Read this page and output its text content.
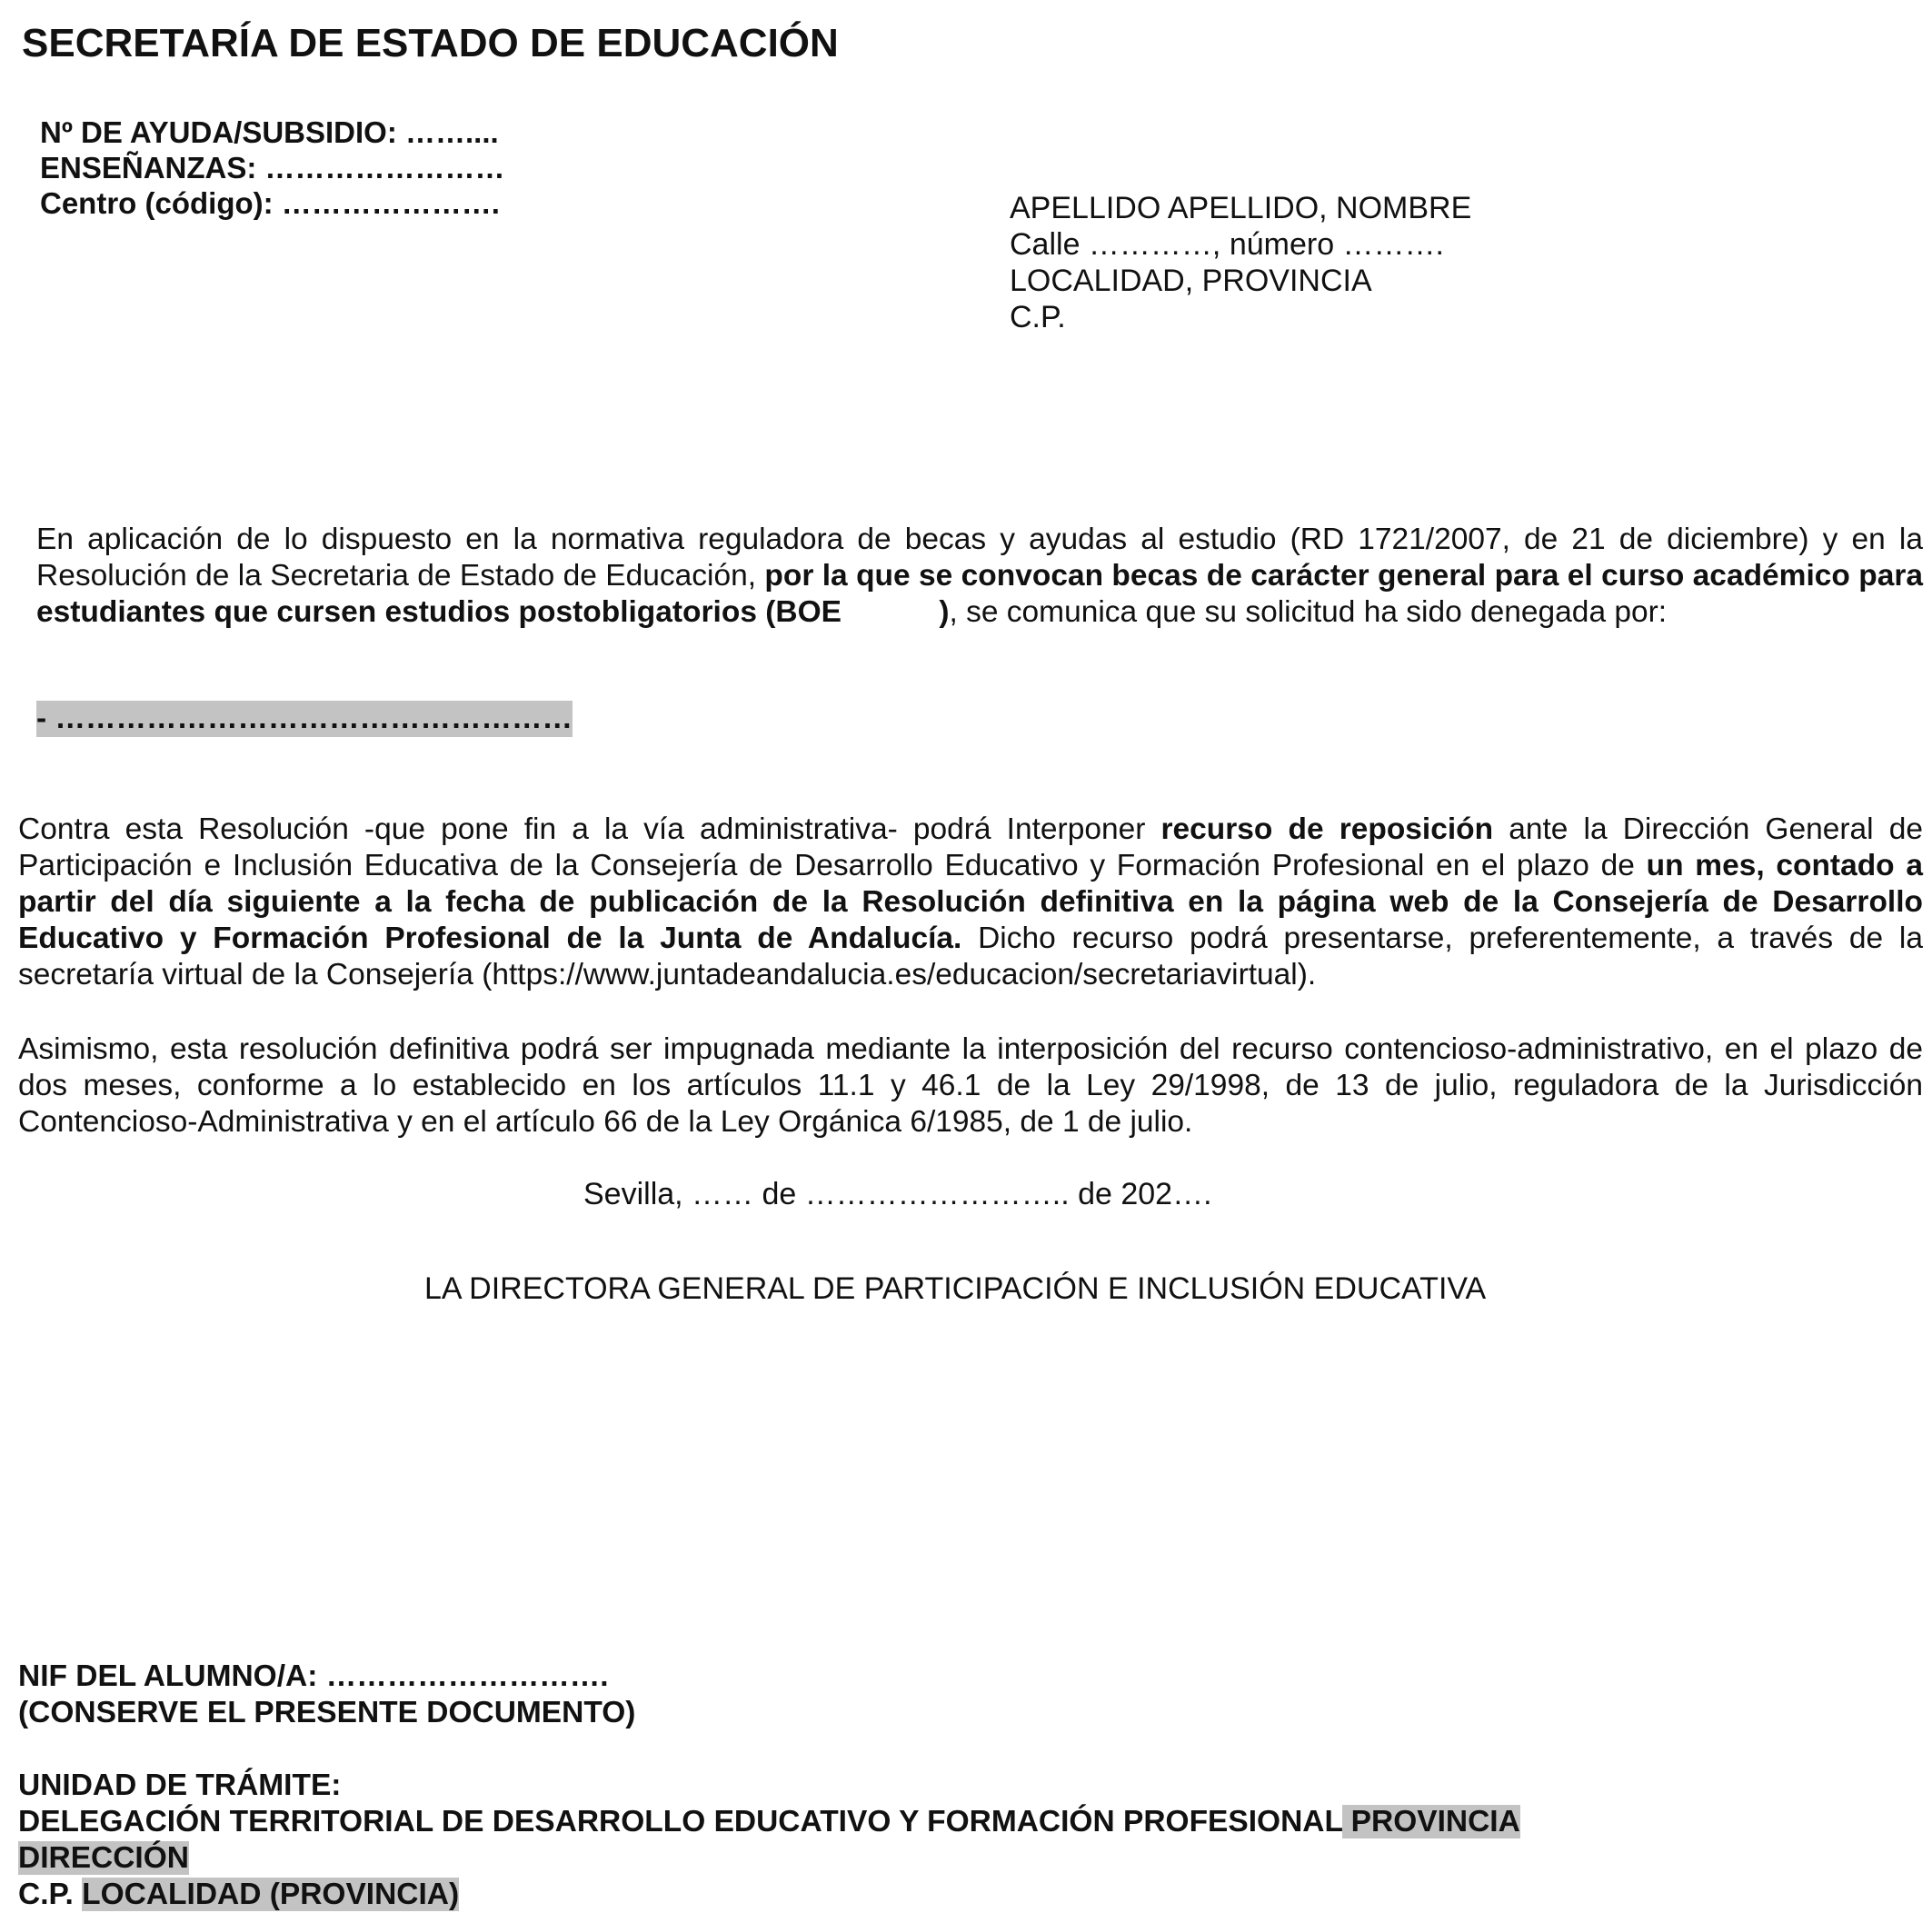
SECRETARÍA DE ESTADO DE EDUCACIÓN
Nº DE AYUDA/SUBSIDIO: ……....
ENSEÑANZAS: ……………………
Centro (código): ………………….	APELLIDO APELLIDO, NOMBRE
Calle …………, número ……….
LOCALIDAD, PROVINCIA
C.P.
En aplicación de lo dispuesto en la normativa reguladora de becas y ayudas al estudio (RD 1721/2007, de 21 de diciembre) y en la Resolución de la Secretaria de Estado de Educación, por la que se convocan becas de carácter general para el curso académico para estudiantes que cursen estudios postobligatorios (BOE	), se comunica que su solicitud ha sido denegada por:
- ……………………………………………
Contra esta Resolución -que pone fin a la vía administrativa- podrá Interponer recurso de reposición ante la Dirección General de Participación e Inclusión Educativa de la Consejería de Desarrollo Educativo y Formación Profesional en el plazo de un mes, contado a partir del día siguiente a la fecha de publicación de la Resolución definitiva en la página web de la Consejería de Desarrollo Educativo y Formación Profesional de la Junta de Andalucía. Dicho recurso podrá presentarse, preferentemente, a través de la secretaría virtual de la Consejería (https://www.juntadeandalucia.es/educacion/secretariavirtual).
Asimismo, esta resolución definitiva podrá ser impugnada mediante la interposición del recurso contencioso-administrativo, en el plazo de dos meses, conforme a lo establecido en los artículos 11.1 y 46.1 de la Ley 29/1998, de 13 de julio, reguladora de la Jurisdicción Contencioso-Administrativa y en el artículo 66 de la Ley Orgánica 6/1985, de 1 de julio.
Sevilla, …… de …………………….. de 202….
LA DIRECTORA GENERAL DE PARTICIPACIÓN E INCLUSIÓN EDUCATIVA
NIF DEL ALUMNO/A: ……………………….
(CONSERVE EL PRESENTE DOCUMENTO)
UNIDAD DE TRÁMITE:
DELEGACIÓN TERRITORIAL DE DESARROLLO EDUCATIVO Y FORMACIÓN PROFESIONAL PROVINCIA
DIRECCIÓN
C.P. LOCALIDAD (PROVINCIA)
